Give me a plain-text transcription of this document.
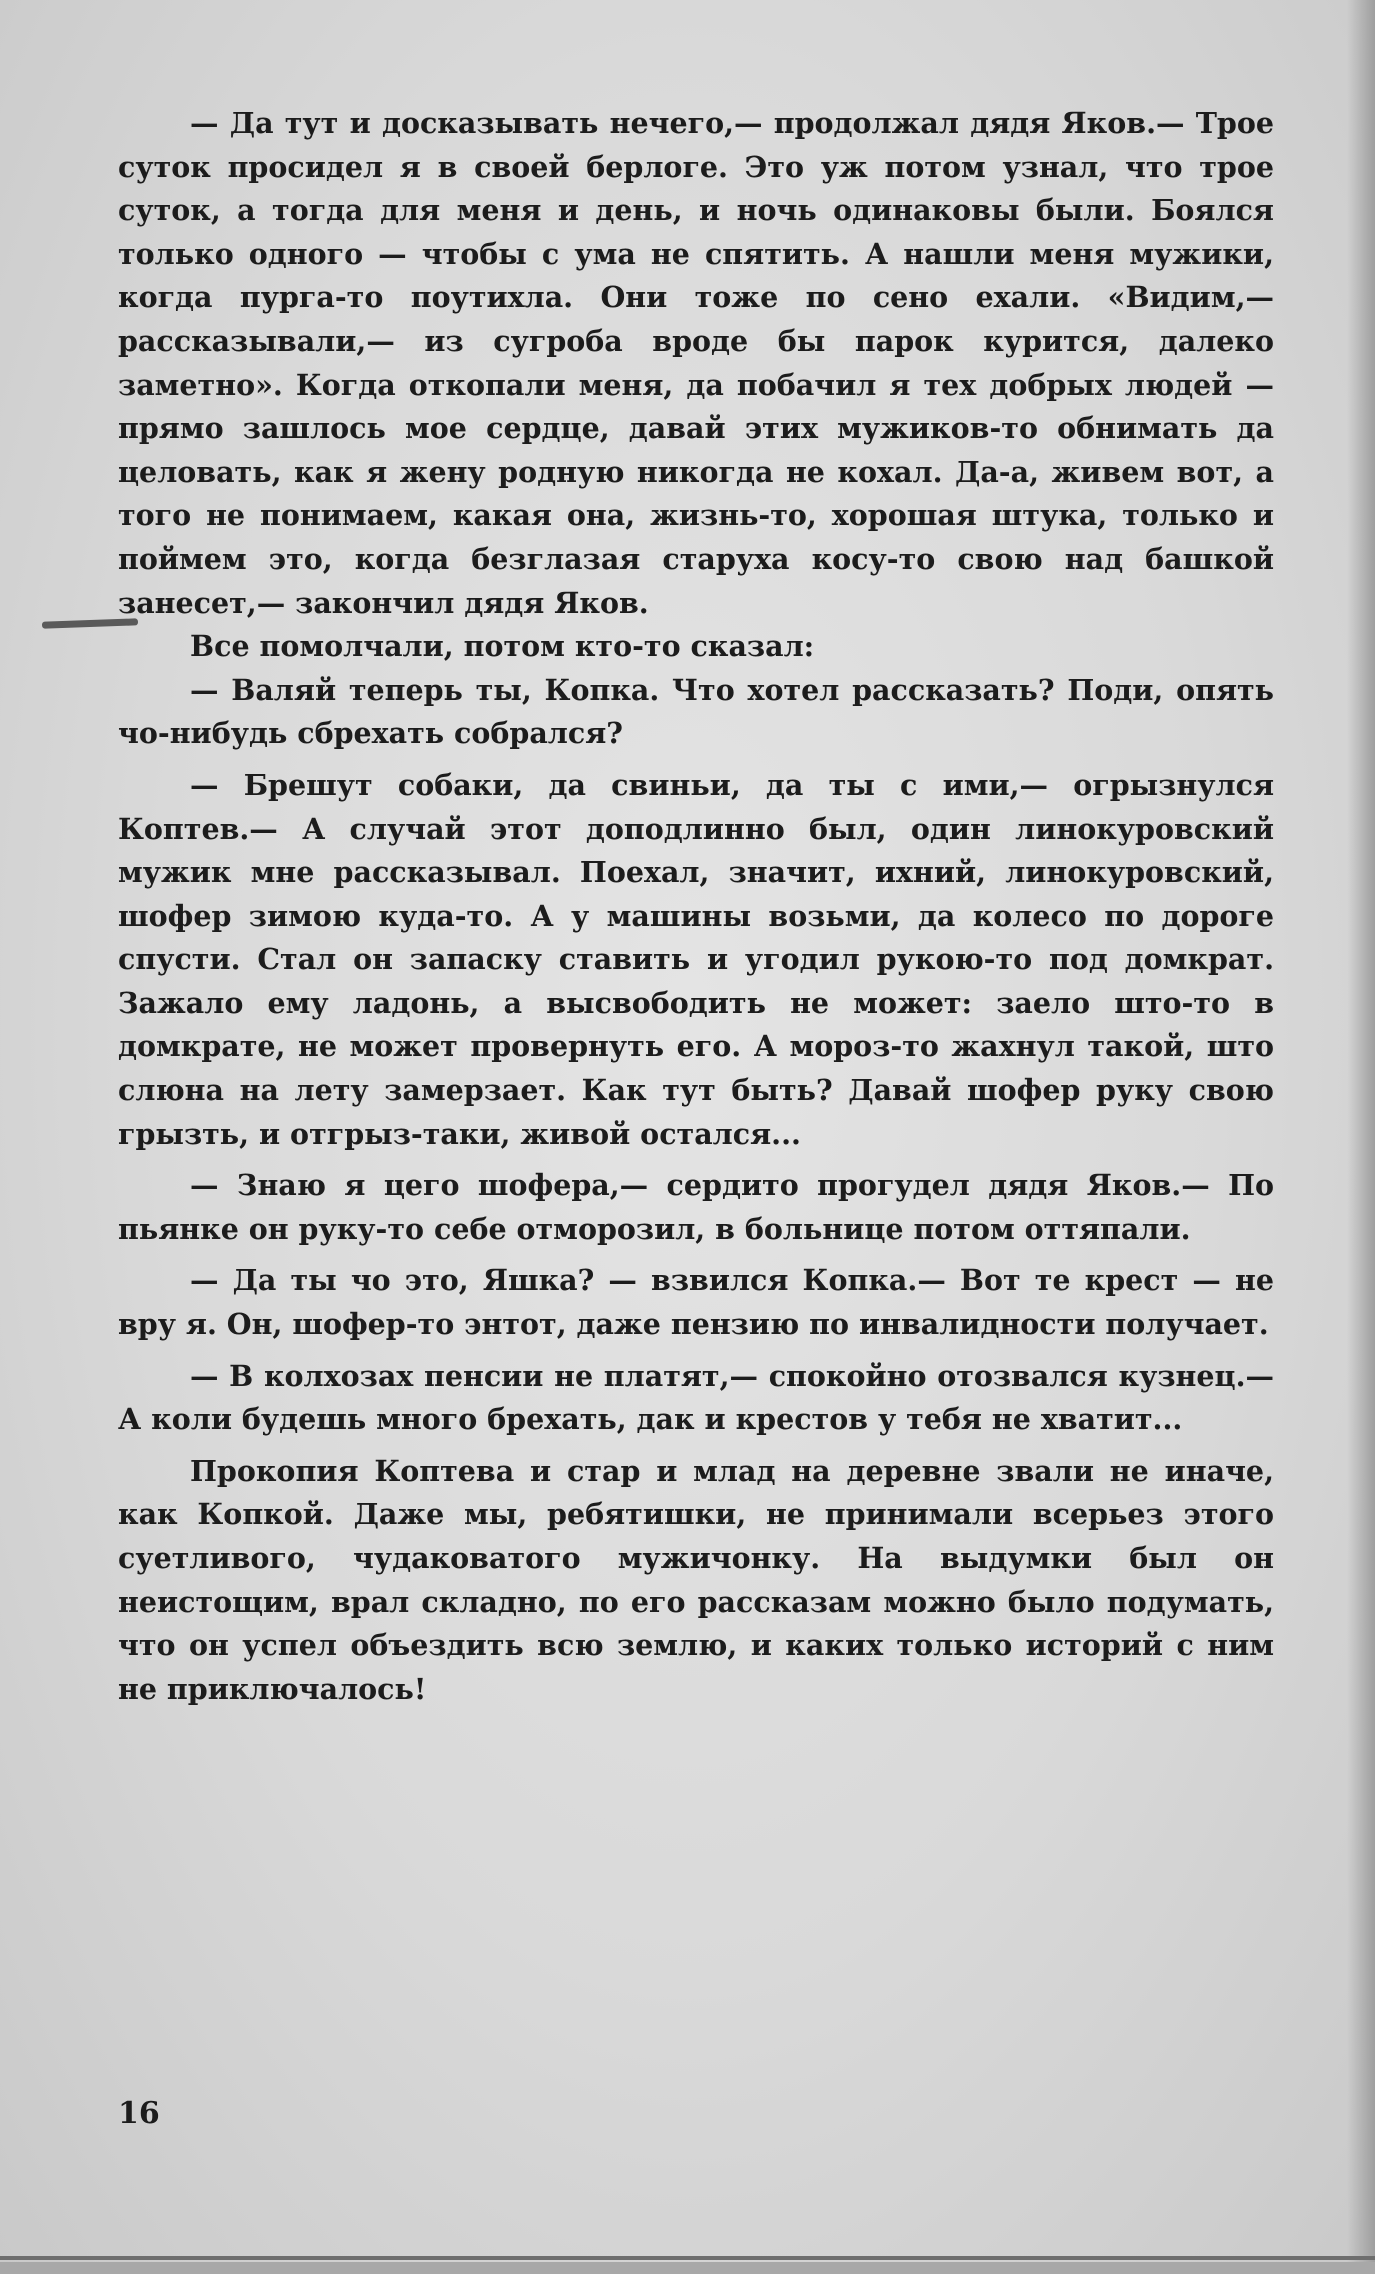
— Да тут и досказывать нечего,— продолжал дядя Яков.— Трое суток просидел я в своей берлоге. Это уж потом узнал, что трое суток, а тогда для меня и день, и ночь одинаковы были. Боялся только одного — чтобы с ума не спятить. А нашли меня мужики, когда пурга-то поутихла. Они тоже по сено ехали. «Видим,— рассказывали,— из сугроба вроде бы парок курится, далеко заметно». Когда откопали меня, да побачил я тех добрых людей — прямо зашлось мое сердце, давай этих мужиков-то обнимать да целовать, как я жену родную никогда не кохал. Да-а, живем вот, а того не понимаем, какая она, жизнь-то, хорошая штука, только и поймем это, когда безглазая старуха косу-то свою над башкой занесет,— закончил дядя Яков.

Все помолчали, потом кто-то сказал:

— Валяй теперь ты, Копка. Что хотел рассказать? Поди, опять чо-нибудь сбрехать собрался?

— Брешут собаки, да свиньи, да ты с ими,— огрызнулся Коптев.— А случай этот доподлинно был, один линокуровский мужик мне рассказывал. Поехал, значит, ихний, линокуровский, шофер зимою куда-то. А у машины возьми, да колесо по дороге спусти. Стал он запаску ставить и угодил рукою-то под домкрат. Зажало ему ладонь, а высвободить не может: заело што-то в домкрате, не может провернуть его. А мороз-то жахнул такой, што слюна на лету замерзает. Как тут быть? Давай шофер руку свою грызть, и отгрыз-таки, живой остался...

— Знаю я цего шофера,— сердито прогудел дядя Яков.— По пьянке он руку-то себе отморозил, в больнице потом оттяпали.

— Да ты чо это, Яшка? — взвился Копка.— Вот те крест — не вру я. Он, шофер-то энтот, даже пензию по инвалидности получает.

— В колхозах пенсии не платят,— спокойно отозвался кузнец.— А коли будешь много брехать, дак и крестов у тебя не хватит...

Прокопия Коптева и стар и млад на деревне звали не иначе, как Копкой. Даже мы, ребятишки, не принимали всерьез этого суетливого, чудаковатого мужичонку. На выдумки был он неистощим, врал складно, по его рассказам можно было подумать, что он успел объездить всю землю, и каких только историй с ним не приключалось!

16
